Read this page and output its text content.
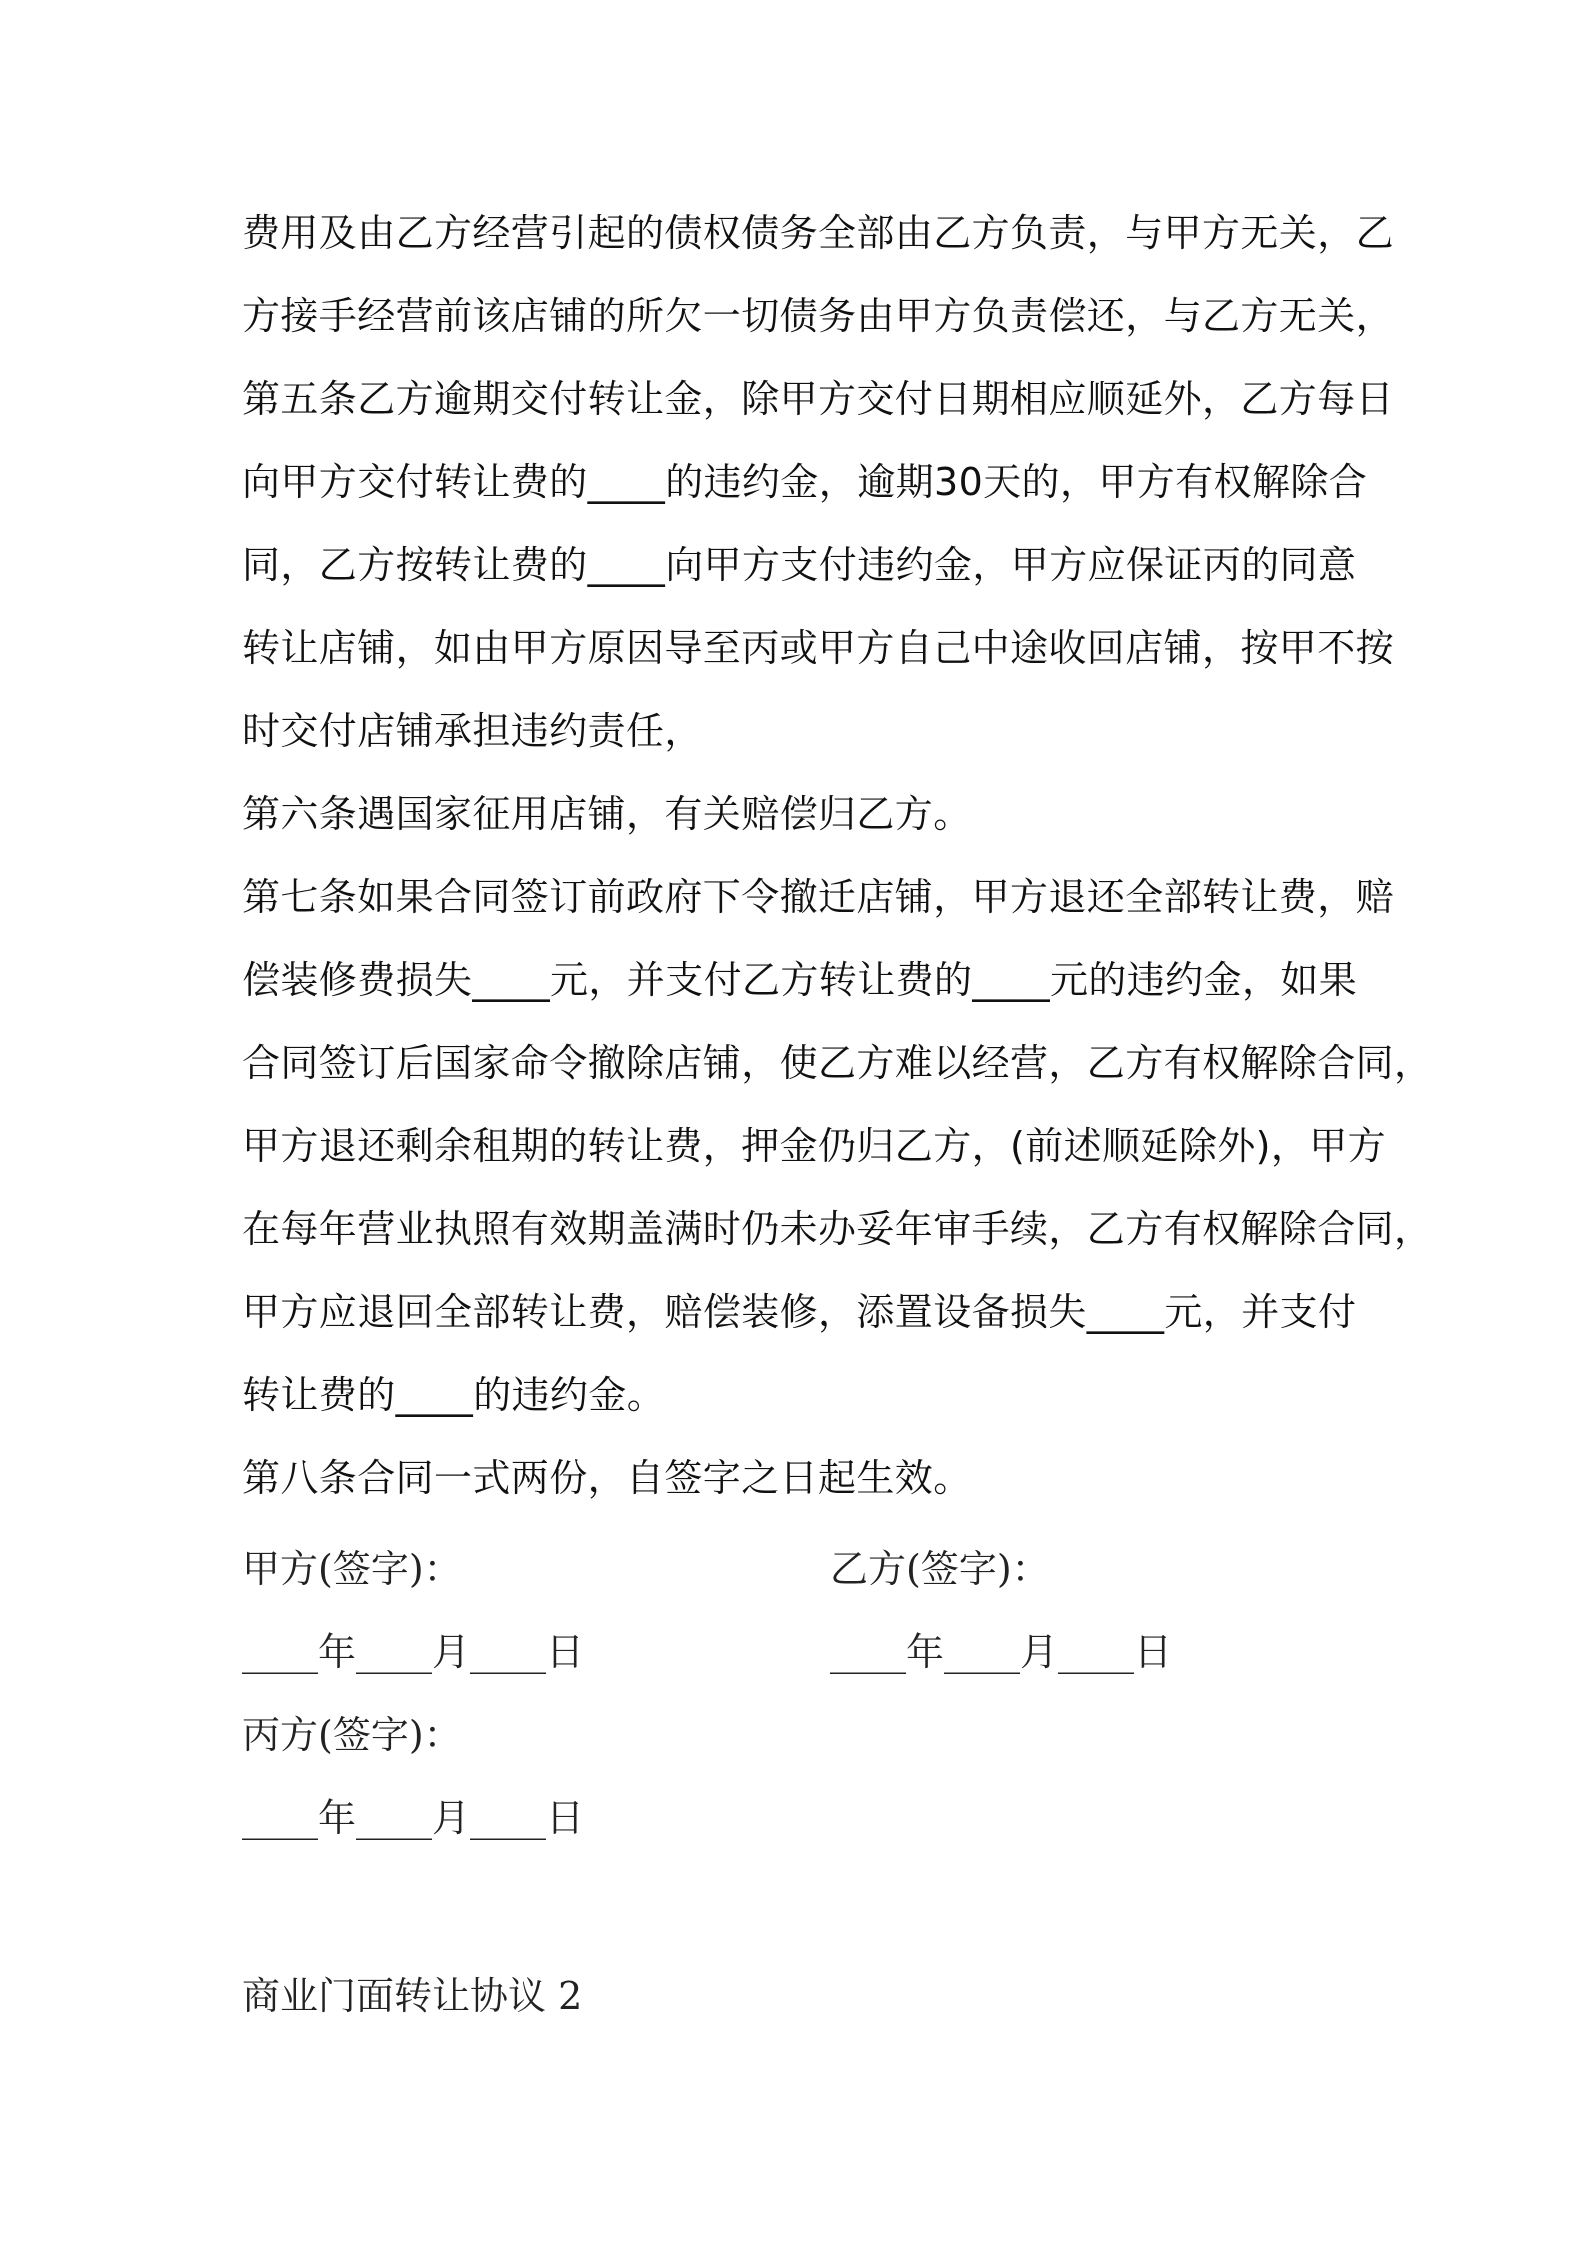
费用及由乙方经营引起的债权债务全部由乙方负责，与甲方无关，乙
方接手经营前该店铺的所欠一切债务由甲方负责偿还，与乙方无关，
第五条乙方逾期交付转让金，除甲方交付日期相应顺延外，乙方每日
向甲方交付转让费的____的违约金，逾期30天的，甲方有权解除合
同，乙方按转让费的____向甲方支付违约金，甲方应保证丙的同意
转让店铺，如由甲方原因导至丙或甲方自己中途收回店铺，按甲不按
时交付店铺承担违约责任，
第六条遇国家征用店铺，有关赔偿归乙方。
第七条如果合同签订前政府下令撤迁店铺，甲方退还全部转让费，赔
偿装修费损失____元，并支付乙方转让费的____元的违约金，如果
合同签订后国家命令撤除店铺，使乙方难以经营，乙方有权解除合同，
甲方退还剩余租期的转让费，押金仍归乙方，(前述顺延除外)，甲方
在每年营业执照有效期盖满时仍未办妥年审手续，乙方有权解除合同，
甲方应退回全部转让费，赔偿装修，添置设备损失____元，并支付
转让费的____的违约金。
第八条合同一式两份，自签字之日起生效。
甲方(签字)：	乙方(签字)：
____年____月____日	____年____月____日
丙方(签字)：
____年____月____日
商业门面转让协议 2
